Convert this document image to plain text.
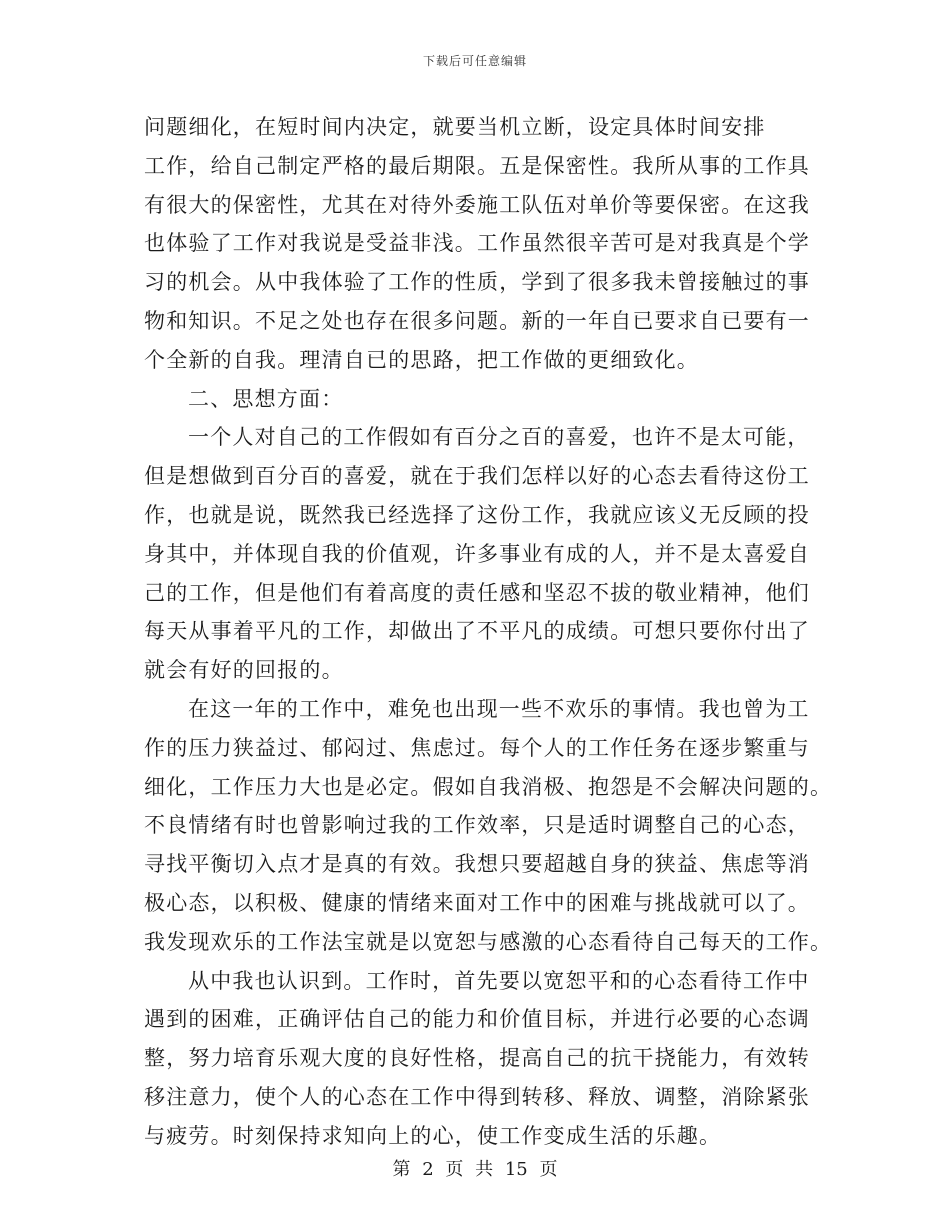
下载后可任意编辑
问题细化，在短时间内决定，就要当机立断，设定具体时间安排
工作，给自己制定严格的最后期限。五是保密性。我所从事的工作具
有很大的保密性，尤其在对待外委施工队伍对单价等要保密。在这我
也体验了工作对我说是受益非浅。工作虽然很辛苦可是对我真是个学
习的机会。从中我体验了工作的性质，学到了很多我未曾接触过的事
物和知识。不足之处也存在很多问题。新的一年自已要求自已要有一
个全新的自我。理清自已的思路，把工作做的更细致化。
二、思想方面：
一个人对自己的工作假如有百分之百的喜爱，也许不是太可能，
但是想做到百分百的喜爱，就在于我们怎样以好的心态去看待这份工
作，也就是说，既然我已经选择了这份工作，我就应该义无反顾的投
身其中，并体现自我的价值观，许多事业有成的人，并不是太喜爱自
己的工作，但是他们有着高度的责任感和坚忍不拔的敬业精神，他们
每天从事着平凡的工作，却做出了不平凡的成绩。可想只要你付出了
就会有好的回报的。
在这一年的工作中，难免也出现一些不欢乐的事情。我也曾为工
作的压力狭益过、郁闷过、焦虑过。每个人的工作任务在逐步繁重与
细化，工作压力大也是必定。假如自我消极、抱怨是不会解决问题的。
不良情绪有时也曾影响过我的工作效率，只是适时调整自己的心态，
寻找平衡切入点才是真的有效。我想只要超越自身的狭益、焦虑等消
极心态，以积极、健康的情绪来面对工作中的困难与挑战就可以了。
我发现欢乐的工作法宝就是以宽恕与感激的心态看待自己每天的工作。
从中我也认识到。工作时，首先要以宽恕平和的心态看待工作中
遇到的困难，正确评估自己的能力和价值目标，并进行必要的心态调
整，努力培育乐观大度的良好性格，提高自己的抗干挠能力，有效转
移注意力，使个人的心态在工作中得到转移、释放、调整，消除紧张
与疲劳。时刻保持求知向上的心，使工作变成生活的乐趣。
第 2 页 共 15 页
